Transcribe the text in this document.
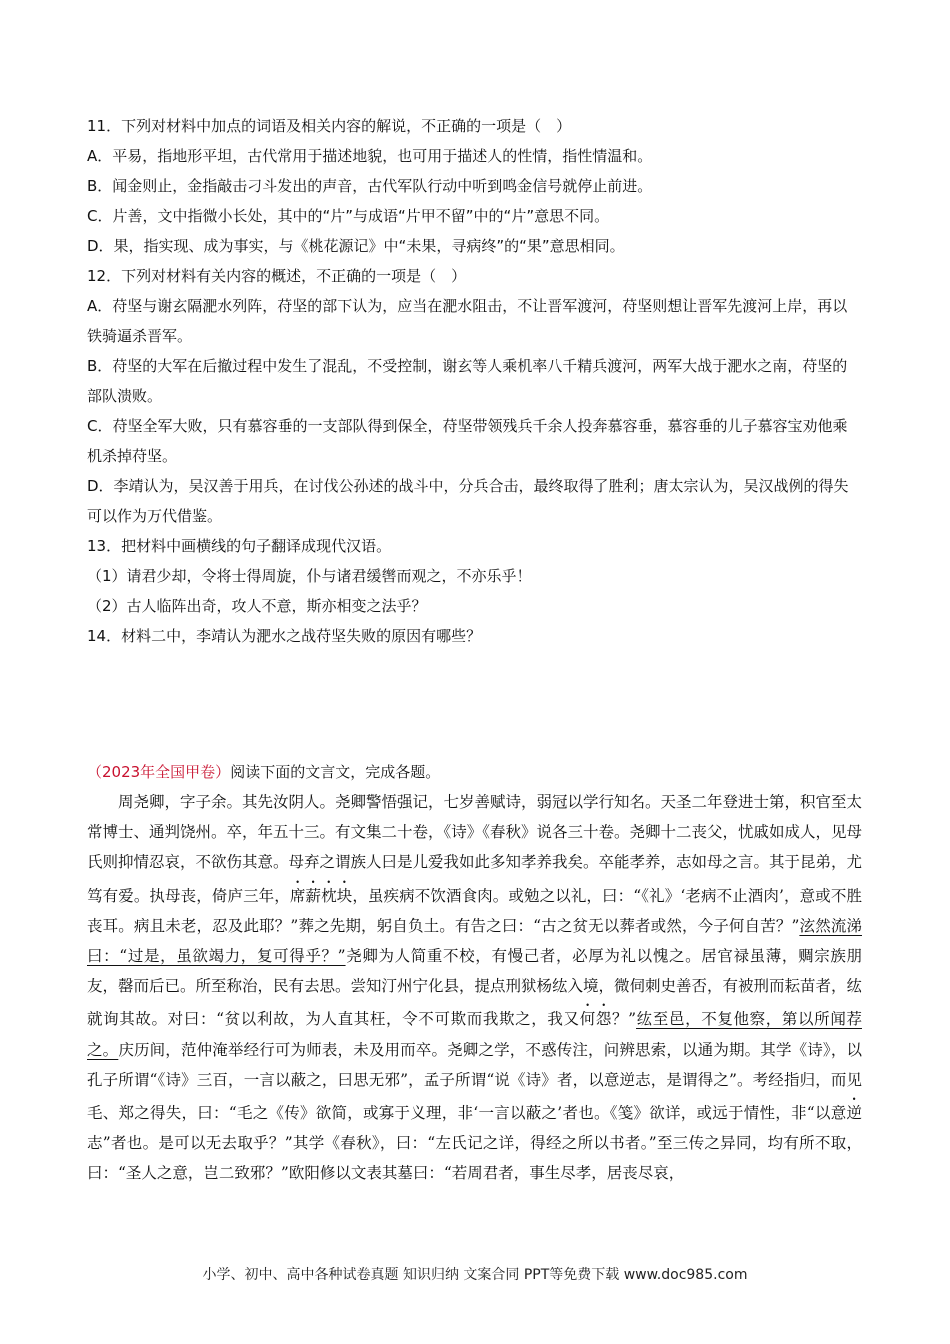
11．下列对材料中加点的词语及相关内容的解说，不正确的一项是（　）
A．平易，指地形平坦，古代常用于描述地貌，也可用于描述人的性情，指性情温和。
B．闻金则止，金指敲击刁斗发出的声音，古代军队行动中听到鸣金信号就停止前进。
C．片善，文中指微小长处，其中的“片”与成语“片甲不留”中的“片”意思不同。
D．果，指实现、成为事实，与《桃花源记》中“未果，寻病终”的“果”意思相同。
12．下列对材料有关内容的概述，不正确的一项是（　）
A．苻坚与谢玄隔淝水列阵，苻坚的部下认为，应当在淝水阻击，不让晋军渡河，苻坚则想让晋军先渡河上岸，再以铁骑逼杀晋军。
B．苻坚的大军在后撤过程中发生了混乱，不受控制，谢玄等人乘机率八千精兵渡河，两军大战于淝水之南，苻坚的部队溃败。
C．苻坚全军大败，只有慕容垂的一支部队得到保全，苻坚带领残兵千余人投奔慕容垂，慕容垂的儿子慕容宝劝他乘机杀掉苻坚。
D．李靖认为，吴汉善于用兵，在讨伐公孙述的战斗中，分兵合击，最终取得了胜利；唐太宗认为，吴汉战例的得失可以作为万代借鉴。
13．把材料中画横线的句子翻译成现代汉语。
（1）请君少却，令将士得周旋，仆与诸君缓辔而观之，不亦乐乎！
（2）古人临阵出奇，攻人不意，斯亦相变之法乎？
14．材料二中，李靖认为淝水之战苻坚失败的原因有哪些？
（2023年全国甲卷）阅读下面的文言文，完成各题。

周尧卿，字子余。其先汝阴人。尧卿警悟强记，七岁善赋诗，弱冠以学行知名。天圣二年登进士第，积官至太常博士、通判饶州。卒，年五十三。有文集二十卷，《诗》《春秋》说各三十卷。尧卿十二丧父，忧戚如成人，见母氏则抑情忍哀，不欲伤其意。母弃之谓族人曰是儿爱我如此多知孝养我矣。卒能孝养，志如母之言。其于昆弟，尤笃有爱。执母丧，倚庐三年，席薪枕块，虽疾病不饮酒食肉。或勉之以礼，曰：“《礼》‘老病不止酒肉’，意或不胜丧耳。病且未老，忍及此耶？”葬之先期，躬自负土。有告之曰：“古之贫无以葬者或然，今子何自苦？”泫然流涕曰：“过是，虽欲竭力，复可得乎？”尧卿为人简重不校，有慢己者，必厚为礼以愧之。居官禄虽薄，赒宗族朋友，罄而后已。所至称治，民有去思。尝知汀州宁化县，提点刑狱杨纮入境，微伺刺史善否，有被刑而耘苗者，纮就询其故。对曰：“贫以利故，为人直其枉，令不可欺而我欺之，我又何怨？”纮至邑，不复他察，第以所闻荐之。庆历间，范仲淹举经行可为师表，未及用而卒。尧卿之学，不惑传注，问辨思索，以通为期。其学《诗》，以孔子所谓“《诗》三百，一言以蔽之，曰思无邪”，孟子所谓“说《诗》者，以意逆志，是谓得之”。考经指归，而见毛、郑之得失，曰：“毛之《传》欲简，或寡于义理，非‘一言以蔽之’者也。《笺》欲详，或远于情性，非“以意逆志”者也。是可以无去取乎？”其学《春秋》，曰：“左氏记之详，得经之所以书者。”至三传之异同，均有所不取，曰：“圣人之意，岂二致邪？”欧阳修以文表其墓曰：“若周君者，事生尽孝，居丧尽哀，

小学、初中、高中各种试卷真题 知识归纳 文案合同 PPT等免费下载 www.doc985.com
